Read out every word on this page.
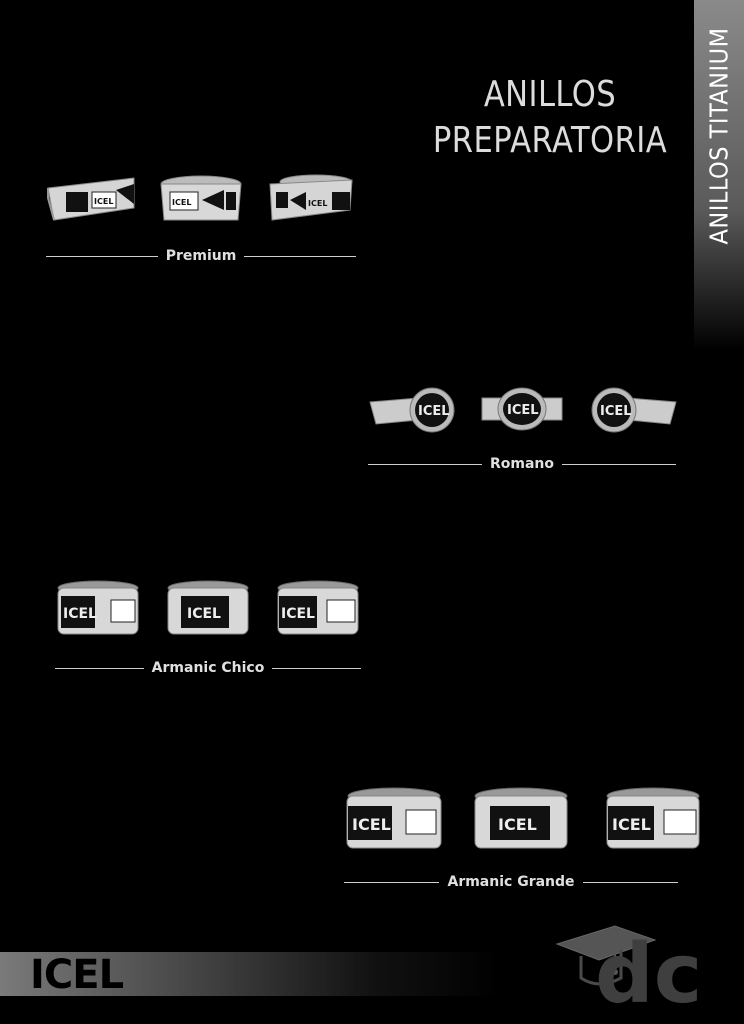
ANILLOS TITANIUM
ANILLOS
PREPARATORIA
ICEL	ICEL	ICEL
Premium
ICEL	ICEL	ICEL
Romano
ICEL	ICEL	ICEL
Armanic Chico
ICEL	ICEL	ICEL
Armanic Grande
ICEL	dc
